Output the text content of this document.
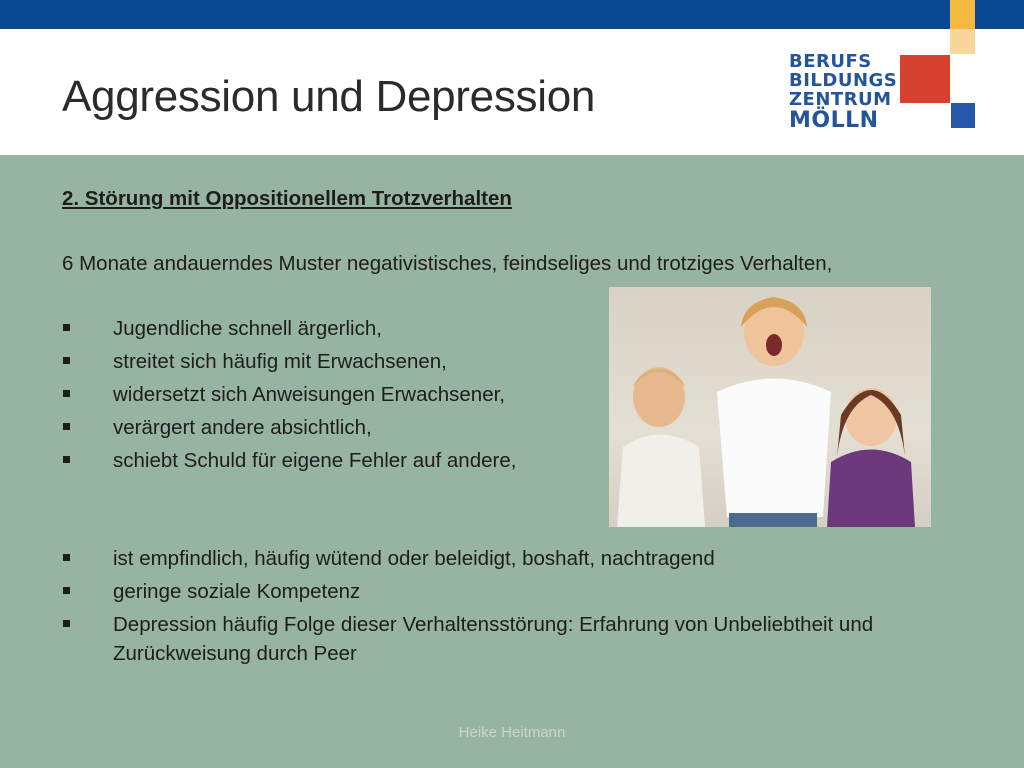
Aggression und Depression
BERUFS
BILDUNGS
ZENTRUM
MÖLLN
2. Störung mit Oppositionellem Trotzverhalten
6 Monate andauerndes Muster negativistisches, feindseliges und trotziges Verhalten,
Jugendliche schnell ärgerlich,
streitet sich häufig mit Erwachsenen,
widersetzt sich Anweisungen Erwachsener,
verärgert andere absichtlich,
schiebt Schuld für eigene Fehler auf andere,
ist empfindlich, häufig wütend oder beleidigt, boshaft, nachtragend
geringe soziale Kompetenz
Depression häufig Folge dieser Verhaltensstörung: Erfahrung von Unbeliebtheit und Zurückweisung durch Peer
Heike Heitmann
